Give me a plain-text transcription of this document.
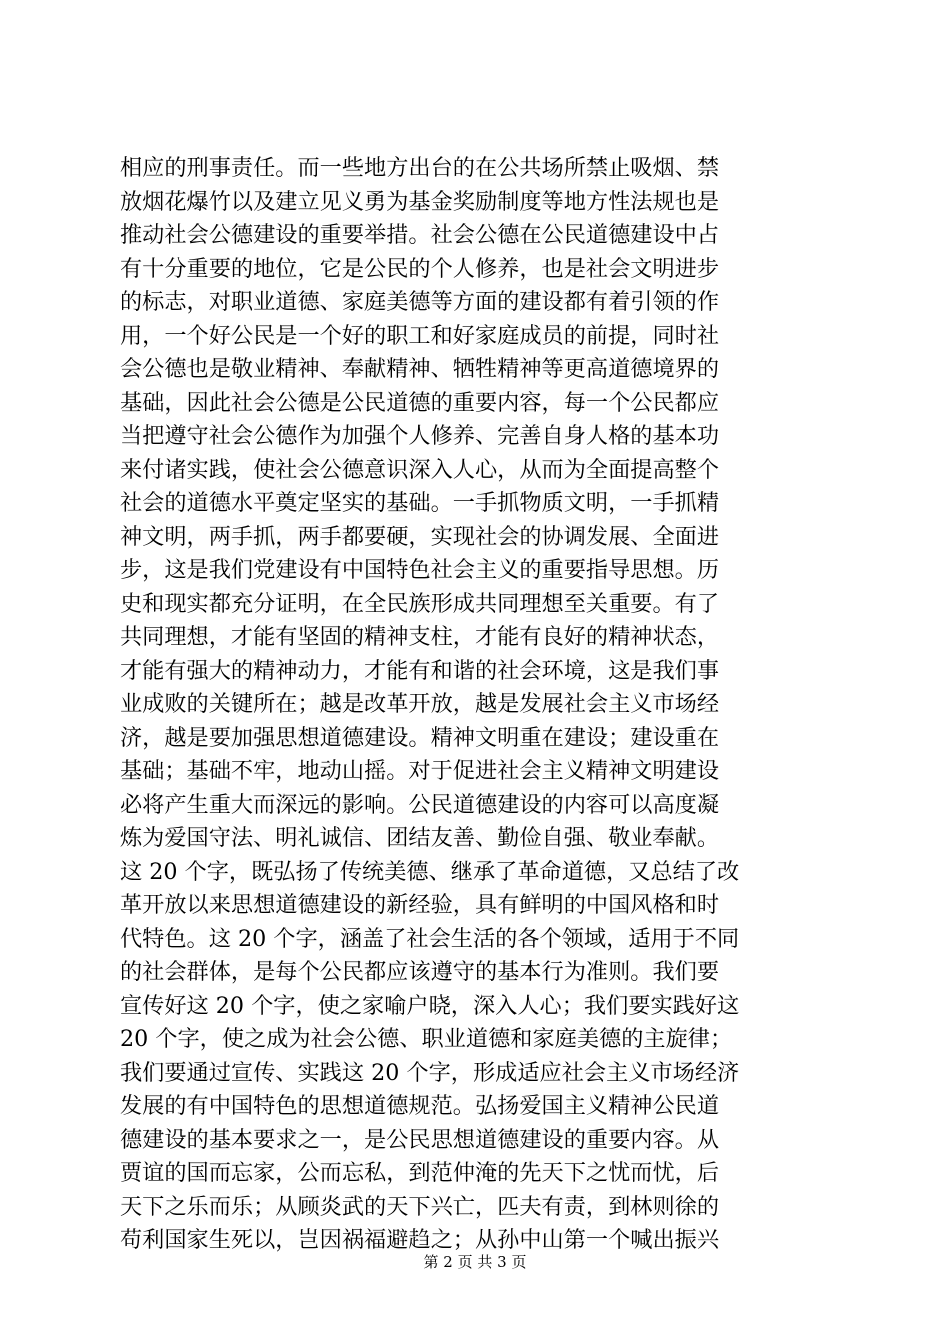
相应的刑事责任。而一些地方出台的在公共场所禁止吸烟、禁
放烟花爆竹以及建立见义勇为基金奖励制度等地方性法规也是
推动社会公德建设的重要举措。社会公德在公民道德建设中占
有十分重要的地位，它是公民的个人修养，也是社会文明进步
的标志，对职业道德、家庭美德等方面的建设都有着引领的作
用，一个好公民是一个好的职工和好家庭成员的前提，同时社
会公德也是敬业精神、奉献精神、牺牲精神等更高道德境界的
基础，因此社会公德是公民道德的重要内容，每一个公民都应
当把遵守社会公德作为加强个人修养、完善自身人格的基本功
来付诸实践，使社会公德意识深入人心，从而为全面提高整个
社会的道德水平奠定坚实的基础。一手抓物质文明，一手抓精
神文明，两手抓，两手都要硬，实现社会的协调发展、全面进
步，这是我们党建设有中国特色社会主义的重要指导思想。历
史和现实都充分证明，在全民族形成共同理想至关重要。有了
共同理想，才能有坚固的精神支柱，才能有良好的精神状态，
才能有强大的精神动力，才能有和谐的社会环境，这是我们事
业成败的关键所在；越是改革开放，越是发展社会主义市场经
济，越是要加强思想道德建设。精神文明重在建设；建设重在
基础；基础不牢，地动山摇。对于促进社会主义精神文明建设
必将产生重大而深远的影响。公民道德建设的内容可以高度凝
炼为爱国守法、明礼诚信、团结友善、勤俭自强、敬业奉献。
这 20 个字，既弘扬了传统美德、继承了革命道德，又总结了改
革开放以来思想道德建设的新经验，具有鲜明的中国风格和时
代特色。这 20 个字，涵盖了社会生活的各个领域，适用于不同
的社会群体，是每个公民都应该遵守的基本行为准则。我们要
宣传好这 20 个字，使之家喻户晓，深入人心；我们要实践好这
20 个字，使之成为社会公德、职业道德和家庭美德的主旋律；
我们要通过宣传、实践这 20 个字，形成适应社会主义市场经济
发展的有中国特色的思想道德规范。弘扬爱国主义精神公民道
德建设的基本要求之一，是公民思想道德建设的重要内容。从
贾谊的国而忘家，公而忘私，到范仲淹的先天下之忧而忧，后
天下之乐而乐；从顾炎武的天下兴亡，匹夫有责，到林则徐的
苟利国家生死以，岂因祸福避趋之；从孙中山第一个喊出振兴
第 2 页 共 3 页
